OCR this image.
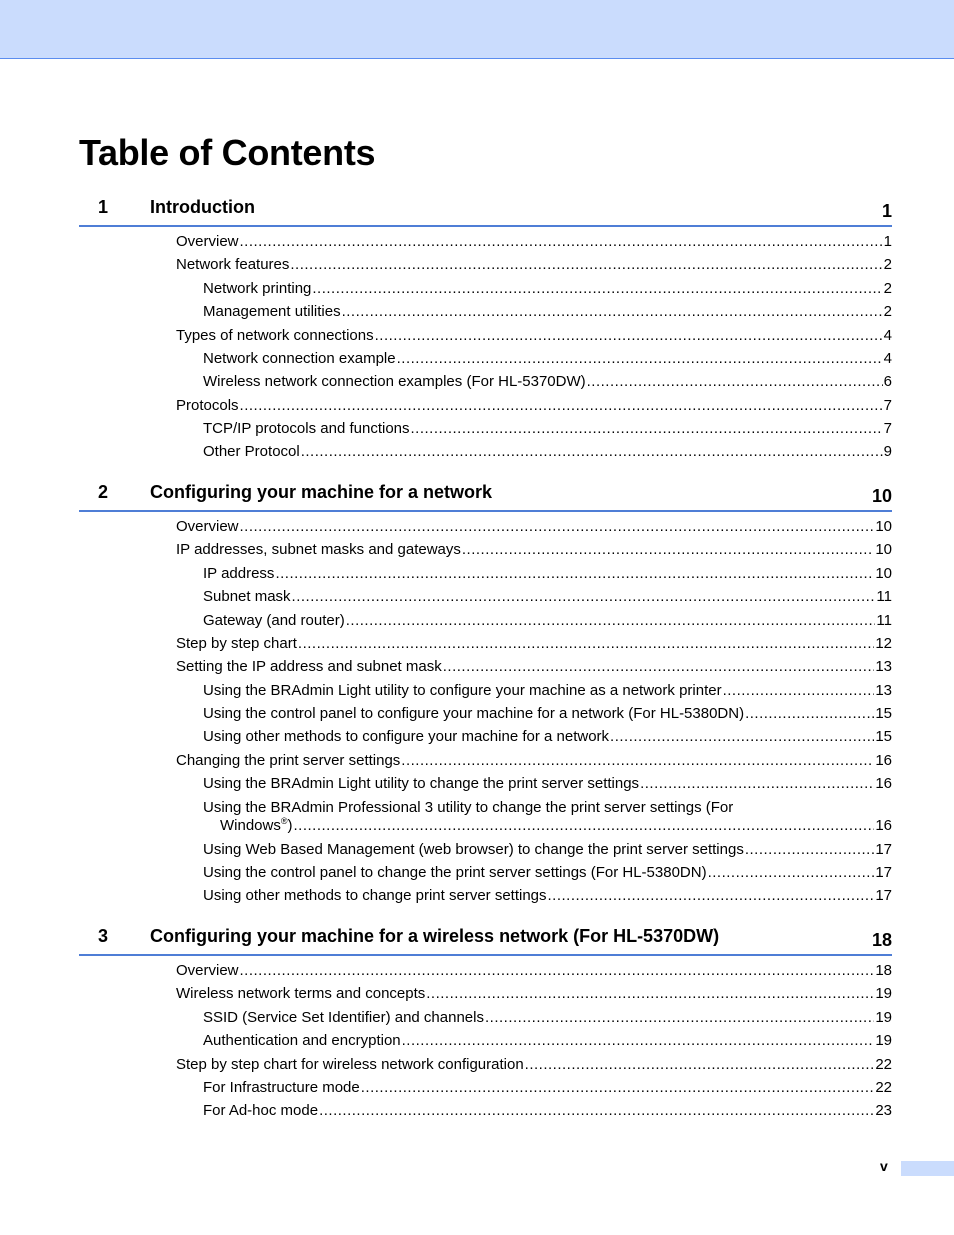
Table of Contents
1 Introduction	1
Overview .....	1
Network features .....	2
Network printing .....	2
Management utilities .....	2
Types of network connections .....	4
Network connection example .....	4
Wireless network connection examples (For HL-5370DW) .....	6
Protocols .....	7
TCP/IP protocols and functions .....	7
Other Protocol .....	9
2 Configuring your machine for a network	10
Overview .....	10
IP addresses, subnet masks and gateways .....	10
IP address .....	10
Subnet mask .....	11
Gateway (and router) .....	11
Step by step chart .....	12
Setting the IP address and subnet mask .....	13
Using the BRAdmin Light utility to configure your machine as a network printer .....	13
Using the control panel to configure your machine for a network (For HL-5380DN) .....	15
Using other methods to configure your machine for a network .....	15
Changing the print server settings .....	16
Using the BRAdmin Light utility to change the print server settings .....	16
Using the BRAdmin Professional 3 utility to change the print server settings (For
Windows®) .....	16
Using Web Based Management (web browser) to change the print server settings .....	17
Using the control panel to change the print server settings (For HL-5380DN) .....	17
Using other methods to change print server settings .....	17
3 Configuring your machine for a wireless network (For HL-5370DW)	18
Overview .....	18
Wireless network terms and concepts .....	19
SSID (Service Set Identifier) and channels .....	19
Authentication and encryption .....	19
Step by step chart for wireless network configuration .....	22
For Infrastructure mode .....	22
For Ad-hoc mode .....	23
v
